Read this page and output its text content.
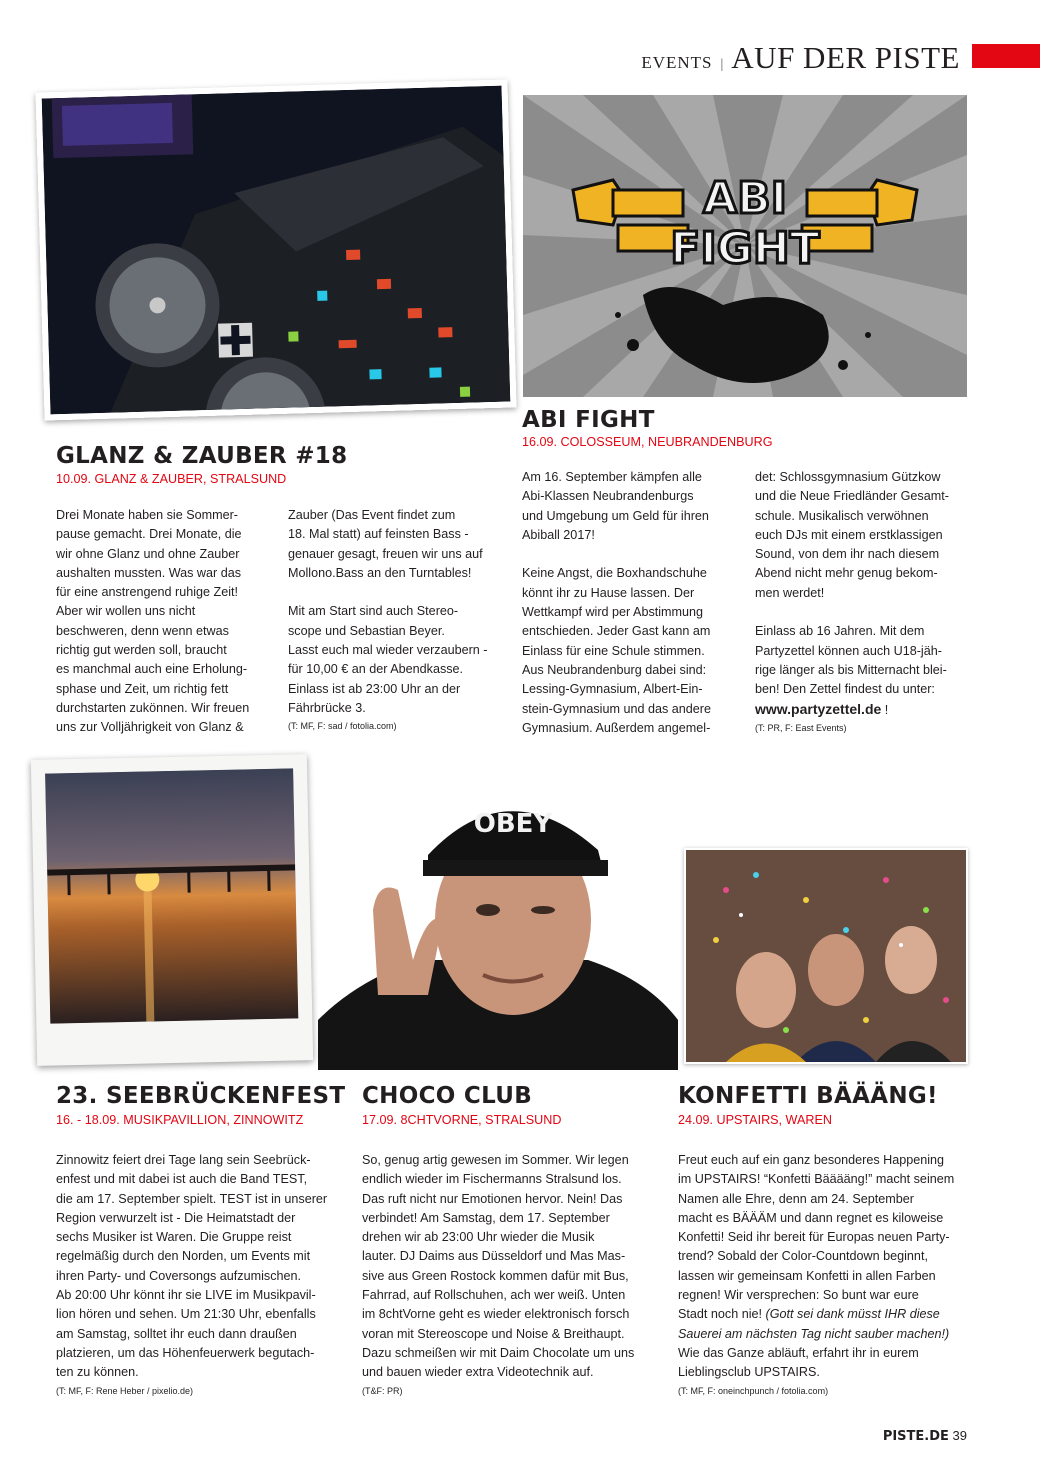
EVENTS | AUF DER PISTE
ABI
FIGHT
OBEY
GLANZ & ZAUBER #18
10.09. GLANZ & ZAUBER, STRALSUND

Drei Monate haben sie Sommer-

pause gemacht. Drei Monate, die

wir ohne Glanz und ohne Zauber

aushalten mussten. Was war das

für eine anstrengend ruhige Zeit!

Aber wir wollen uns nicht

beschweren, denn wenn etwas

richtig gut werden soll, braucht

es manchmal auch eine Erholung-

sphase und Zeit, um richtig fett

durchstarten zukönnen. Wir freuen

uns zur Volljährigkeit von Glanz &

Zauber (Das Event findet zum

18. Mal statt) auf feinsten Bass -

genauer gesagt, freuen wir uns auf

Mollono.Bass an den Turntables!

Mit am Start sind auch Stereo-

scope und Sebastian Beyer.

Lasst euch mal wieder verzaubern -

für 10,00 € an der Abendkasse.

Einlass ist ab 23:00 Uhr an der

Fährbrücke 3.

(T: MF, F: sad / fotolia.com)

ABI FIGHT
16.09. COLOSSEUM, NEUBRANDENBURG

Am 16. September kämpfen alle

Abi-Klassen Neubrandenburgs

und Umgebung um Geld für ihren

Abiball 2017!

Keine Angst, die Boxhandschuhe

könnt ihr zu Hause lassen. Der

Wettkampf wird per Abstimmung

entschieden. Jeder Gast kann am

Einlass für eine Schule stimmen.

Aus Neubrandenburg dabei sind:

Lessing-Gymnasium, Albert-Ein-

stein-Gymnasium und das andere

Gymnasium. Außerdem angemel-

det: Schlossgymnasium Gützkow

und die Neue Friedländer Gesamt-

schule. Musikalisch verwöhnen

euch DJs mit einem erstklassigen

Sound, von dem ihr nach diesem

Abend nicht mehr genug bekom-

men werdet!

Einlass ab 16 Jahren. Mit dem

Partyzettel können auch U18-jäh-

rige länger als bis Mitternacht blei-

ben! Den Zettel findest du unter:

www.partyzettel.de !

(T: PR, F: East Events)

23. SEEBRÜCKENFEST
16. - 18.09. MUSIKPAVILLION, ZINNOWITZ

Zinnowitz feiert drei Tage lang sein Seebrück-

enfest und mit dabei ist auch die Band TEST,

die am 17. September spielt. TEST ist in unserer

Region verwurzelt ist - Die Heimatstadt der

sechs Musiker ist Waren. Die Gruppe reist

regelmäßig durch den Norden, um Events mit

ihren Party- und Coversongs aufzumischen.

Ab 20:00 Uhr könnt ihr sie LIVE im Musikpavil-

lion hören und sehen. Um 21:30 Uhr, ebenfalls

am Samstag, solltet ihr euch dann draußen

platzieren, um das Höhenfeuerwerk begutach-

ten zu können.

(T: MF, F: Rene Heber / pixelio.de)

CHOCO CLUB
17.09. 8CHTVORNE, STRALSUND

So, genug artig gewesen im Sommer. Wir legen

endlich wieder im Fischermanns Stralsund los.

Das ruft nicht nur Emotionen hervor. Nein! Das

verbindet! Am Samstag, dem 17. September

drehen wir ab 23:00 Uhr wieder die Musik

lauter. DJ Daims aus Düsseldorf und Mas Mas-

sive aus Green Rostock kommen dafür mit Bus,

Fahrrad, auf Rollschuhen, ach wer weiß. Unten

im 8chtVorne geht es wieder elektronisch forsch

voran mit Stereoscope und Noise & Breithaupt.

Dazu schmeißen wir mit Daim Chocolate um uns

und bauen wieder extra Videotechnik auf.

(T&F: PR)

KONFETTI BÄÄÄNG!
24.09. UPSTAIRS, WAREN

Freut euch auf ein ganz besonderes Happening

im UPSTAIRS! “Konfetti Bääääng!” macht seinem

Namen alle Ehre, denn am 24. September

macht es BÄÄÄM und dann regnet es kiloweise

Konfetti! Seid ihr bereit für Europas neuen Party-

trend? Sobald der Color-Countdown beginnt,

lassen wir gemeinsam Konfetti in allen Farben

regnen! Wir versprechen: So bunt war eure

Stadt noch nie! (Gott sei dank müsst IHR diese

Sauerei am nächsten Tag nicht sauber machen!)

Wie das Ganze abläuft, erfahrt ihr in eurem

Lieblingsclub UPSTAIRS.

(T: MF, F: oneinchpunch / fotolia.com)

PISTE.DE 39
